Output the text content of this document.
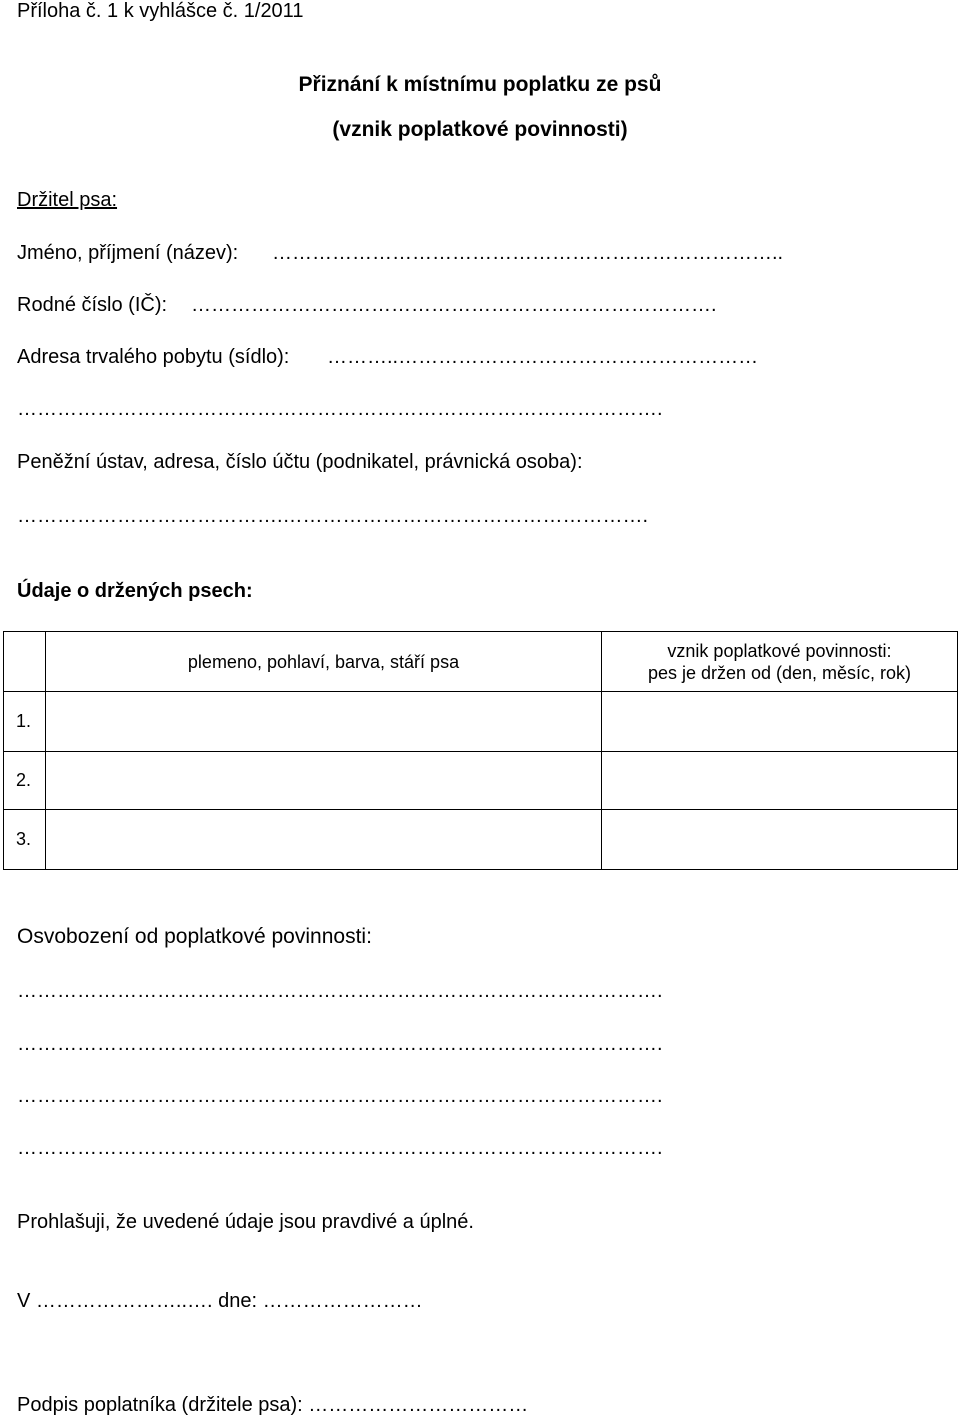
Příloha č. 1 k vyhlášce č. 1/2011
Přiznání k místnímu poplatku ze psů
(vznik poplatkové povinnosti)
Držitel psa:
Jméno, příjmení (název): …………………………………………………………………..
Rodné číslo (IČ): …………………………………………………………………….
Adresa trvalého pobytu (sídlo): ………..………………………………………………
…………………………………………………………………………………….
Peněžní ústav, adresa, číslo účtu (podnikatel, právnická osoba):
………………………………….……………………………………………….
Údaje o držených psech:
	plemeno, pohlaví, barva, stáří psa	vznik poplatkové povinnosti:
pes je držen od (den, měsíc, rok)

1.		
2.		
3.		
Osvobození od poplatkové povinnosti:
…………………………………………………………………………………….
…………………………………………………………………………………….
…………………………………………………………………………………….
…………………………………………………………………………………….
Prohlašuji, že uvedené údaje jsou pravdivé a úplné.
V …………………..…. dne: ……………………
Podpis poplatníka (držitele psa): ……………………………
